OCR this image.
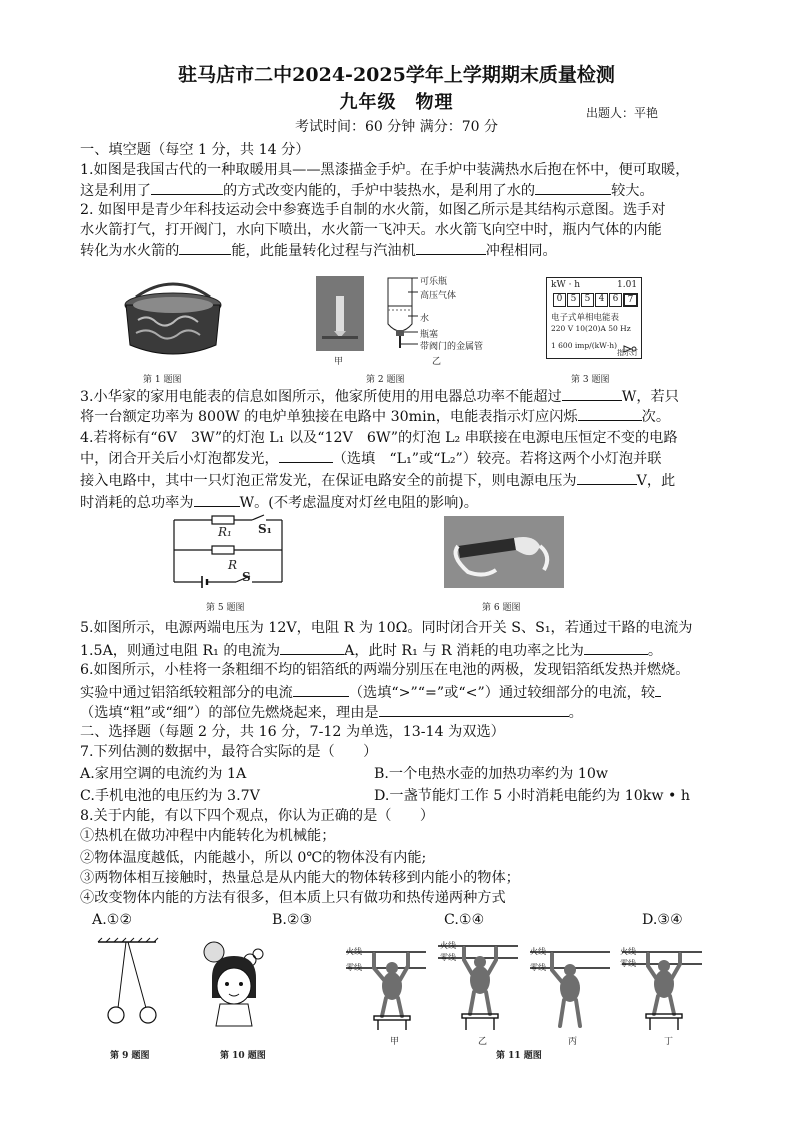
驻马店市二中2024-2025学年上学期期末质量检测
九年级　物理	出题人：平艳
考试时间：60 分钟 满分：70 分
一、填空题（每空 1 分，共 14 分）
1.如图是我国古代的一种取暖用具——黑漆描金手炉。在手炉中装满热水后抱在怀中，便可取暖，
这是利用了	的方式改变内能的，手炉中装热水，是利用了水的	较大。
2. 如图甲是青少年科技运动会中参赛选手自制的水火箭，如图乙所示是其结构示意图。选手对
水火箭打气，打开阀门，水向下喷出，水火箭一飞冲天。水火箭飞向空中时，瓶内气体的内能
转化为水火箭的	能，此能量转化过程与汽油机	冲程相同。
第 1 题图
甲
可乐瓶
高压气体
水
瓶塞
带阀门的金属管
乙
第 2 题图
kW · h	1.01
0 5 5 4 6	7
电子式单相电能表
220 V 10(20)A 50 Hz
1 600 imp/(kW·h)
指示灯
第 3 题图
3.小华家的家用电能表的信息如图所示，他家所使用的用电器总功率不能超过	W，若只
将一台额定功率为 800W 的电炉单独接在电路中 30min，电能表指示灯应闪烁	次。
4.若将标有“6V　3W”的灯泡 L₁ 以及“12V　6W”的灯泡 L₂ 串联接在电源电压恒定不变的电路
中，闭合开关后小灯泡都发光，	（选填　“L₁”或“L₂”）较亮。若将这两个小灯泡并联
接入电路中，其中一只灯泡正常发光，在保证电路安全的前提下，则电源电压为	V，此
时消耗的总功率为	W。(不考虑温度对灯丝电阻的影响)。
R₁ S₁
R
S
第 5 题图	第 6 题图
5.如图所示，电源两端电压为 12V，电阻 R 为 10Ω。同时闭合开关 S、S₁，若通过干路的电流为
1.5A，则通过电阻 R₁ 的电流为	A，此时 R₁ 与 R 消耗的电功率之比为	。
6.如图所示，小桂将一条粗细不均的铝箔纸的两端分别压在电池的两极，发现铝箔纸发热并燃烧。
实验中通过铝箔纸较粗部分的电流	（选填“>”“=”或“<”）通过较细部分的电流，较
（选填“粗”或“细”）的部位先燃烧起来，理由是	。
二、选择题（每题 2 分，共 16 分，7-12 为单选，13-14 为双选）
7.下列估测的数据中，最符合实际的是（　　）
A.家用空调的电流约为 1A	B.一个电热水壶的加热功率约为 10w
C.手机电池的电压约为 3.7V	D.一盏节能灯工作 5 小时消耗电能约为 10kw • h
8.关于内能，有以下四个观点，你认为正确的是（　　）
①热机在做功冲程中内能转化为机械能；
②物体温度越低，内能越小，所以 0℃的物体没有内能;
③两物体相互接触时，热量总是从内能大的物体转移到内能小的物体；
④改变物体内能的方法有很多，但本质上只有做功和热传递两种方式
A.①②	B.②③	C.①④	D.③④
第 9 题图	第 10 题图
火线
零线
火线
零线
火线
零线
火线
零线
甲	乙	丙	丁
第 11 题图
